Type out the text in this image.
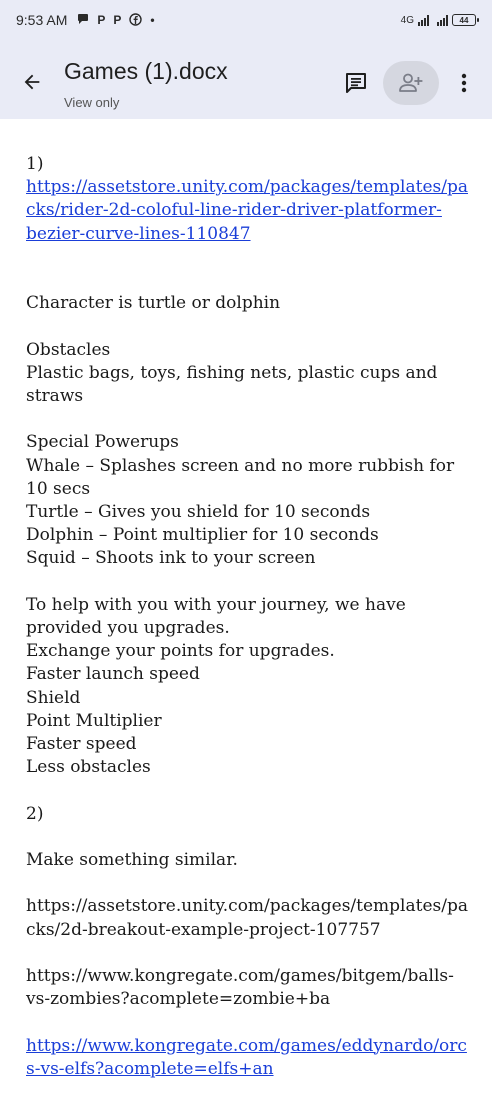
9:53 AM	P P •	4G	44
Games (1).docx
View only

1)

https://assetstore.unity.com/packages/templates/packs/rider-2d-coloful-line-rider-driver-platformer-bezier-curve-lines-110847

Character is turtle or dolphin

Obstacles

Plastic bags, toys, fishing nets, plastic cups and straws

Special Powerups

Whale – Splashes screen and no more rubbish for 10 secs

Turtle – Gives you shield for 10 seconds

Dolphin – Point multiplier for 10 seconds

Squid – Shoots ink to your screen

To help with you with your journey, we have provided you upgrades.

Exchange your points for upgrades.

Faster launch speed

Shield

Point Multiplier

Faster speed

Less obstacles

2)

Make something similar.

https://assetstore.unity.com/packages/templates/packs/2d-breakout-example-project-107757

https://www.kongregate.com/games/bitgem/balls-vs-zombies?acomplete=zombie+ba

https://www.kongregate.com/games/eddynardo/orcs-vs-elfs?acomplete=elfs+an
